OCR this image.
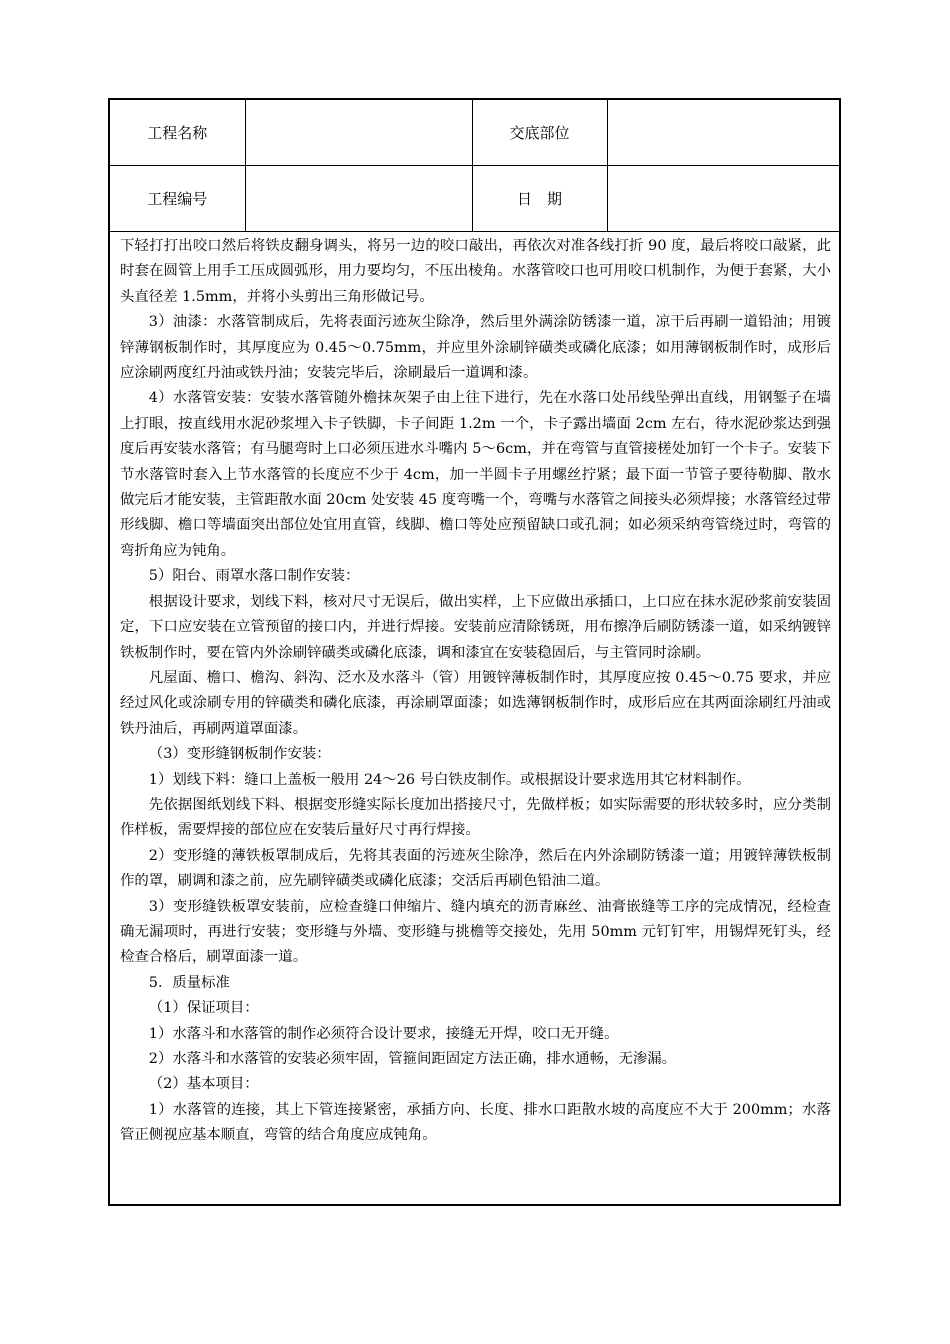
工程名称		交底部位	
工程编号		日　期	

下轻打打出咬口然后将铁皮翻身调头，将另一边的咬口敲出，再依次对准各线打折 90 度，最后将咬口敲紧，此时套在圆管上用手工压成圆弧形，用力要均匀，不压出棱角。水落管咬口也可用咬口机制作，为便于套紧，大小头直径差 1.5mm，并将小头剪出三角形做记号。

3）油漆：水落管制成后，先将表面污迹灰尘除净，然后里外满涂防锈漆一道，凉干后再刷一道铅油；用镀锌薄钢板制作时，其厚度应为 0.45～0.75mm，并应里外涂刷锌磺类或磷化底漆；如用薄钢板制作时，成形后应涂刷两度红丹油或铁丹油；安装完毕后，涂刷最后一道调和漆。

4）水落管安装：安装水落管随外檐抹灰架子由上往下进行，先在水落口处吊线坠弹出直线，用钢錾子在墙上打眼，按直线用水泥砂浆埋入卡子铁脚，卡子间距 1.2m 一个，卡子露出墙面 2cm 左右，待水泥砂浆达到强度后再安装水落管；有马腿弯时上口必须压进水斗嘴内 5～6cm，并在弯管与直管接槎处加钉一个卡子。安装下节水落管时套入上节水落管的长度应不少于 4cm，加一半圆卡子用螺丝拧紧；最下面一节管子要待勒脚、散水做完后才能安装，主管距散水面 20cm 处安装 45 度弯嘴一个，弯嘴与水落管之间接头必须焊接；水落管经过带形线脚、檐口等墙面突出部位处宜用直管，线脚、檐口等处应预留缺口或孔洞；如必须采纳弯管绕过时，弯管的弯折角应为钝角。

5）阳台、雨罩水落口制作安装：

根据设计要求，划线下料，核对尺寸无误后，做出实样，上下应做出承插口，上口应在抹水泥砂浆前安装固定，下口应安装在立管预留的接口内，并进行焊接。安装前应清除锈斑，用布擦净后刷防锈漆一道，如采纳镀锌铁板制作时，要在管内外涂刷锌磺类或磷化底漆，调和漆宜在安装稳固后，与主管同时涂刷。

凡屋面、檐口、檐沟、斜沟、泛水及水落斗（管）用镀锌薄板制作时，其厚度应按 0.45～0.75 要求，并应经过风化或涂刷专用的锌磺类和磷化底漆，再涂刷罩面漆；如选薄钢板制作时，成形后应在其两面涂刷红丹油或铁丹油后，再刷两道罩面漆。

（3）变形缝钢板制作安装：

1）划线下料：缝口上盖板一般用 24～26 号白铁皮制作。或根据设计要求选用其它材料制作。

先依据图纸划线下料、根据变形缝实际长度加出搭接尺寸，先做样板；如实际需要的形状较多时，应分类制作样板，需要焊接的部位应在安装后量好尺寸再行焊接。

2）变形缝的薄铁板罩制成后，先将其表面的污迹灰尘除净，然后在内外涂刷防锈漆一道；用镀锌薄铁板制作的罩，刷调和漆之前，应先刷锌磺类或磷化底漆；交活后再刷色铅油二道。

3）变形缝铁板罩安装前，应检查缝口伸缩片、缝内填充的沥青麻丝、油膏嵌缝等工序的完成情况，经检查确无漏项时，再进行安装；变形缝与外墙、变形缝与挑檐等交接处，先用 50mm 元钉钉牢，用锡焊死钉头，经检查合格后，刷罩面漆一道。

5．质量标准

（1）保证项目：

1）水落斗和水落管的制作必须符合设计要求，接缝无开焊，咬口无开缝。

2）水落斗和水落管的安装必须牢固，管箍间距固定方法正确，排水通畅，无渗漏。

（2）基本项目：

1）水落管的连接，其上下管连接紧密，承插方向、长度、排水口距散水坡的高度应不大于 200mm；水落管正侧视应基本顺直，弯管的结合角度应成钝角。
